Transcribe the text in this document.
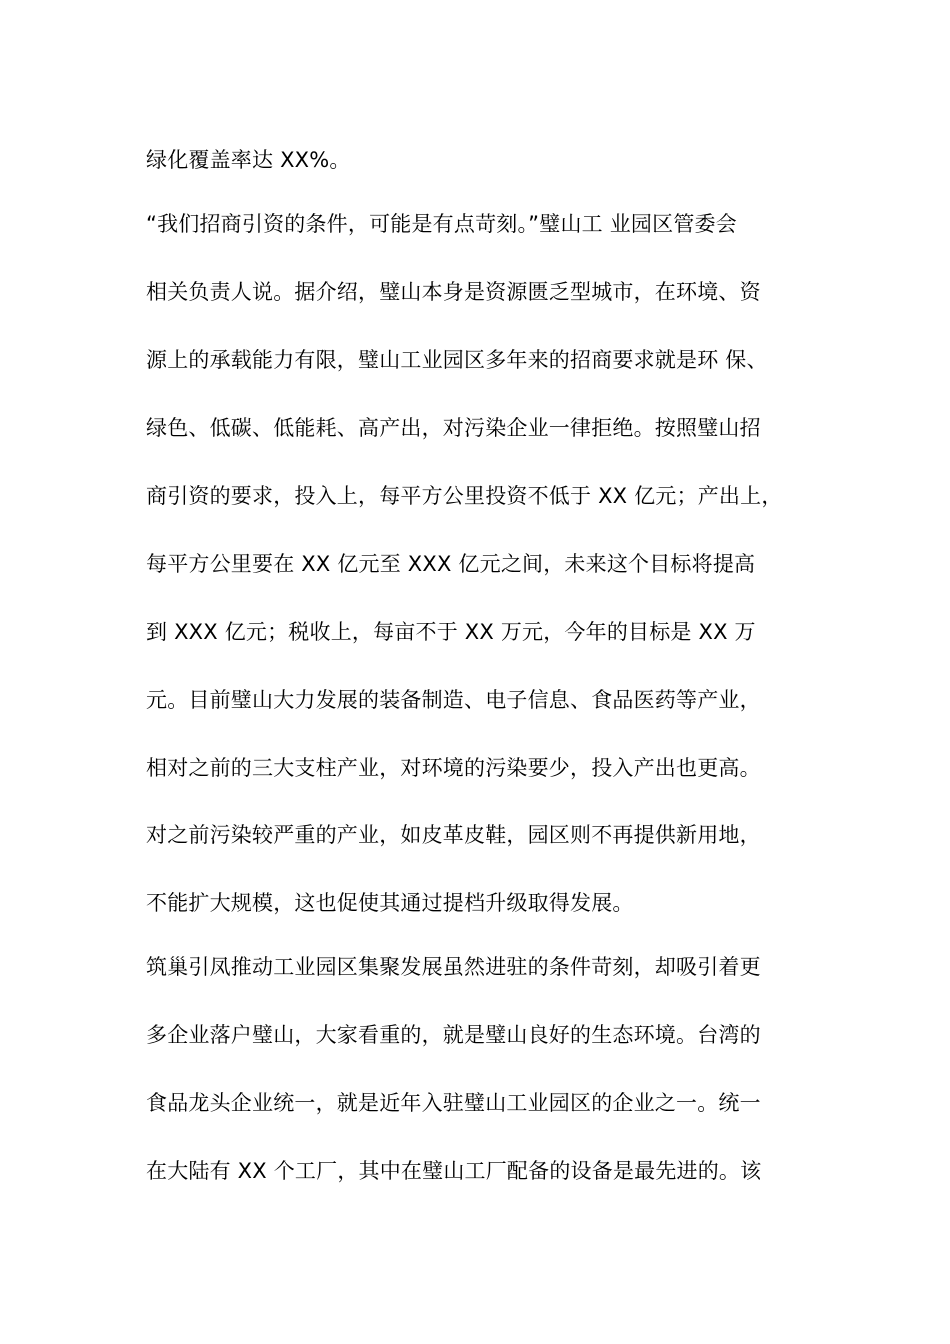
绿化覆盖率达 XX%。
“我们招商引资的条件，可能是有点苛刻。”璧山工 业园区管委会
相关负责人说。据介绍，璧山本身是资源匮乏型城市，在环境、资
源上的承载能力有限，璧山工业园区多年来的招商要求就是环 保、
绿色、低碳、低能耗、高产出，对污染企业一律拒绝。按照璧山招
商引资的要求，投入上，每平方公里投资不低于 XX 亿元；产出上，
每平方公里要在 XX 亿元至 XXX 亿元之间，未来这个目标将提高
到 XXX 亿元；税收上，每亩不于 XX 万元，今年的目标是 XX 万
元。目前璧山大力发展的装备制造、电子信息、食品医药等产业，
相对之前的三大支柱产业，对环境的污染要少，投入产出也更高。
对之前污染较严重的产业，如皮革皮鞋，园区则不再提供新用地，
不能扩大规模，这也促使其通过提档升级取得发展。
筑巢引凤推动工业园区集聚发展虽然进驻的条件苛刻，却吸引着更
多企业落户璧山，大家看重的，就是璧山良好的生态环境。台湾的
食品龙头企业统一，就是近年入驻璧山工业园区的企业之一。统一
在大陆有 XX 个工厂，其中在璧山工厂配备的设备是最先进的。该
